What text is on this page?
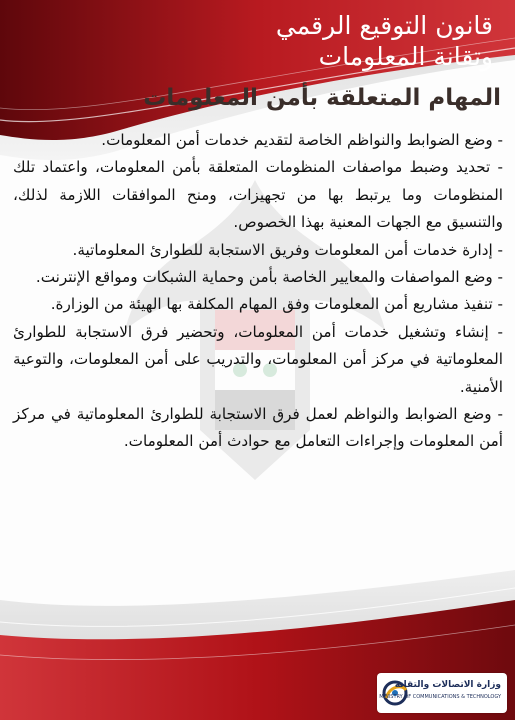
قانون التوقيع الرقمي
وتقانة المعلومات
المهام المتعلقة بأمن المعلومات

- وضع الضوابط والنواظم الخاصة لتقديم خدمات أمن المعلومات.

- تحديد وضبط مواصفات المنظومات المتعلقة بأمن المعلومات، واعتماد تلك المنظومات وما يرتبط بها من تجهيزات، ومنح الموافقات اللازمة لذلك، والتنسيق مع الجهات المعنية بهذا الخصوص.

- إدارة خدمات أمن المعلومات وفريق الاستجابة للطوارئ المعلوماتية.

- وضع المواصفات والمعايير الخاصة بأمن وحماية الشبكات ومواقع الإنترنت.

- تنفيذ مشاريع أمن المعلومات وفق المهام المكلفة بها الهيئة من الوزارة.

- إنشاء وتشغيل خدمات أمن المعلومات، وتحضير فرق الاستجابة للطوارئ المعلوماتية في مركز أمن المعلومات، والتدريب على أمن المعلومات، والتوعية الأمنية.

- وضع الضوابط والنواظم لعمل فرق الاستجابة للطوارئ المعلوماتية في مركز أمن المعلومات وإجراءات التعامل مع حوادث أمن المعلومات.

وزارة الاتصالات والتقانة
MINISTRY OF COMMUNICATIONS & TECHNOLOGY
